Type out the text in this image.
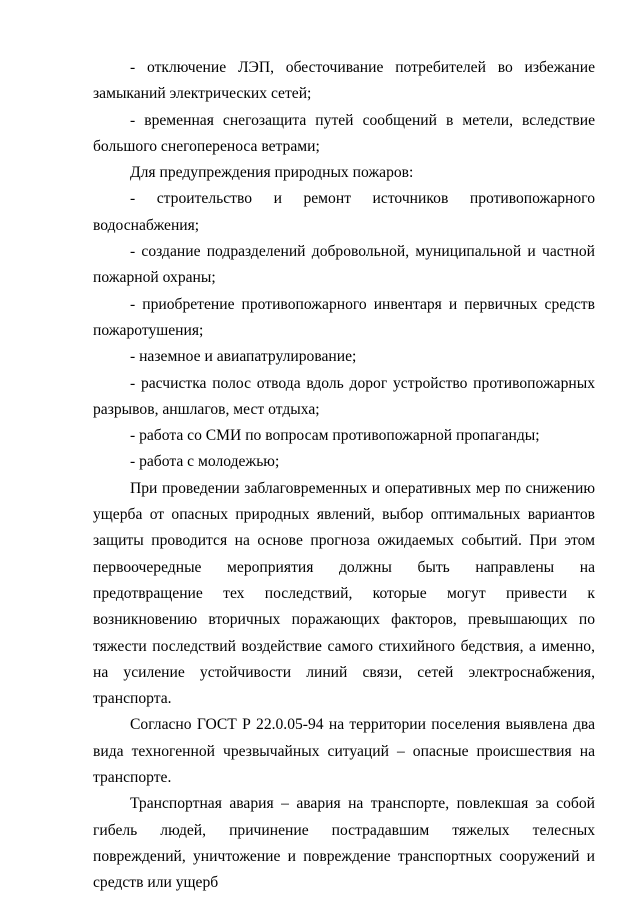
- отключение ЛЭП, обесточивание потребителей во избежание замыканий электрических сетей;

- временная снегозащита путей сообщений в метели, вследствие большого снегопереноса ветрами;

Для предупреждения природных пожаров:

- строительство и ремонт источников противопожарного водоснабжения;

- создание подразделений добровольной, муниципальной и частной пожарной охраны;

- приобретение противопожарного инвентаря и первичных средств пожаротушения;

- наземное и авиапатрулирование;

- расчистка полос отвода вдоль дорог устройство противопожарных разрывов, аншлагов, мест отдыха;

- работа со СМИ по вопросам противопожарной пропаганды;

- работа с молодежью;

При проведении заблаговременных и оперативных мер по снижению ущерба от опасных природных явлений, выбор оптимальных вариантов защиты проводится на основе прогноза ожидаемых событий. При этом первоочередные мероприятия должны быть направлены на предотвращение тех последствий, которые могут привести к возникновению вторичных поражающих факторов, превышающих по тяжести последствий воздействие самого стихийного бедствия, а именно, на усиление устойчивости линий связи, сетей электроснабжения, транспорта.

Согласно ГОСТ Р 22.0.05-94 на территории поселения выявлена два вида техногенной чрезвычайных ситуаций – опасные происшествия на транспорте.

Транспортная авария – авария на транспорте, повлекшая за собой гибель людей, причинение пострадавшим тяжелых телесных повреждений, уничтожение и повреждение транспортных сооружений и средств или ущерб
